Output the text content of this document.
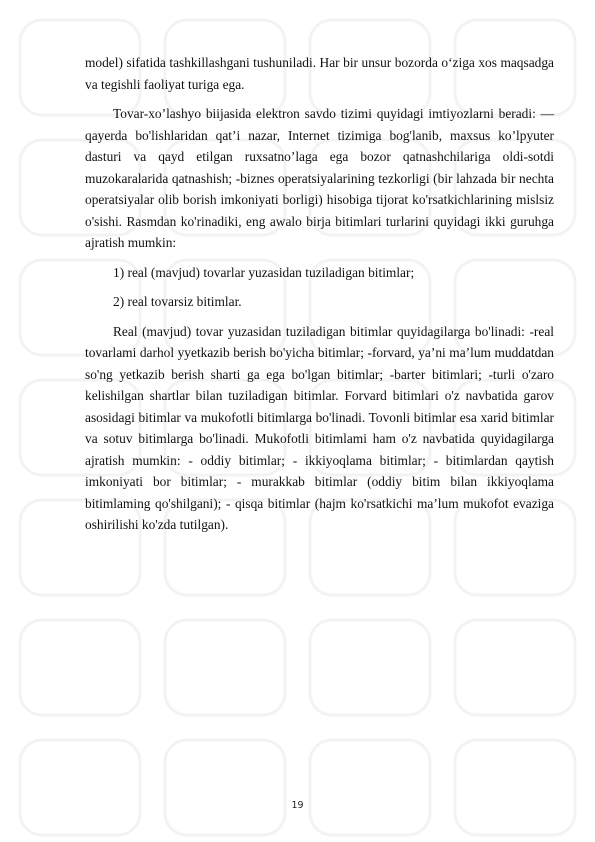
model) sifatida tashkillashgani tushuniladi. Har bir unsur bozorda o‘ziga xos maqsadga va tegishli faoliyat turiga ega.

Tovar-xo’lashyo biijasida elektron savdo tizimi quyidagi imtiyozlarni beradi: —qayerda bo'lishlaridan qat’i nazar, Internet tizimiga bog'lanib, maxsus ko’lpyuter dasturi va qayd etilgan ruxsatno’laga ega bozor qatnashchilariga oldi-sotdi muzokaralarida qatnashish; -biznes operatsiyalarining tezkorligi (bir lahzada bir nechta operatsiyalar olib borish imkoniyati borligi) hisobiga tijorat ko'rsatkichlarining mislsiz o'sishi. Rasmdan ko'rinadiki, eng awalo birja bitimlari turlarini quyidagi ikki guruhga ajratish mumkin:

1) real (mavjud) tovarlar yuzasidan tuziladigan bitimlar;

2) real tovarsiz bitimlar.

Real (mavjud) tovar yuzasidan tuziladigan bitimlar quyidagilarga bo'linadi: -real tovarlami darhol yyetkazib berish bo'yicha bitimlar; -forvard, ya’ni ma’lum muddatdan so'ng yetkazib berish sharti ga ega bo'lgan bitimlar; -barter bitimlari; -turli o'zaro kelishilgan shartlar bilan tuziladigan bitimlar. Forvard bitimlari o'z navbatida garov asosidagi bitimlar va mukofotli bitimlarga bo'linadi. Tovonli bitimlar esa xarid bitimlar va sotuv bitimlarga bo'linadi. Mukofotli bitimlami ham o'z navbatida quyidagilarga ajratish mumkin: - oddiy bitimlar; - ikkiyoqlama bitimlar; - bitimlardan qaytish imkoniyati bor bitimlar; - murakkab bitimlar (oddiy bitim bilan ikkiyoqlama bitimlaming qo'shilgani); - qisqa bitimlar (hajm ko'rsatkichi ma’lum mukofot evaziga oshirilishi ko'zda tutilgan).

19
